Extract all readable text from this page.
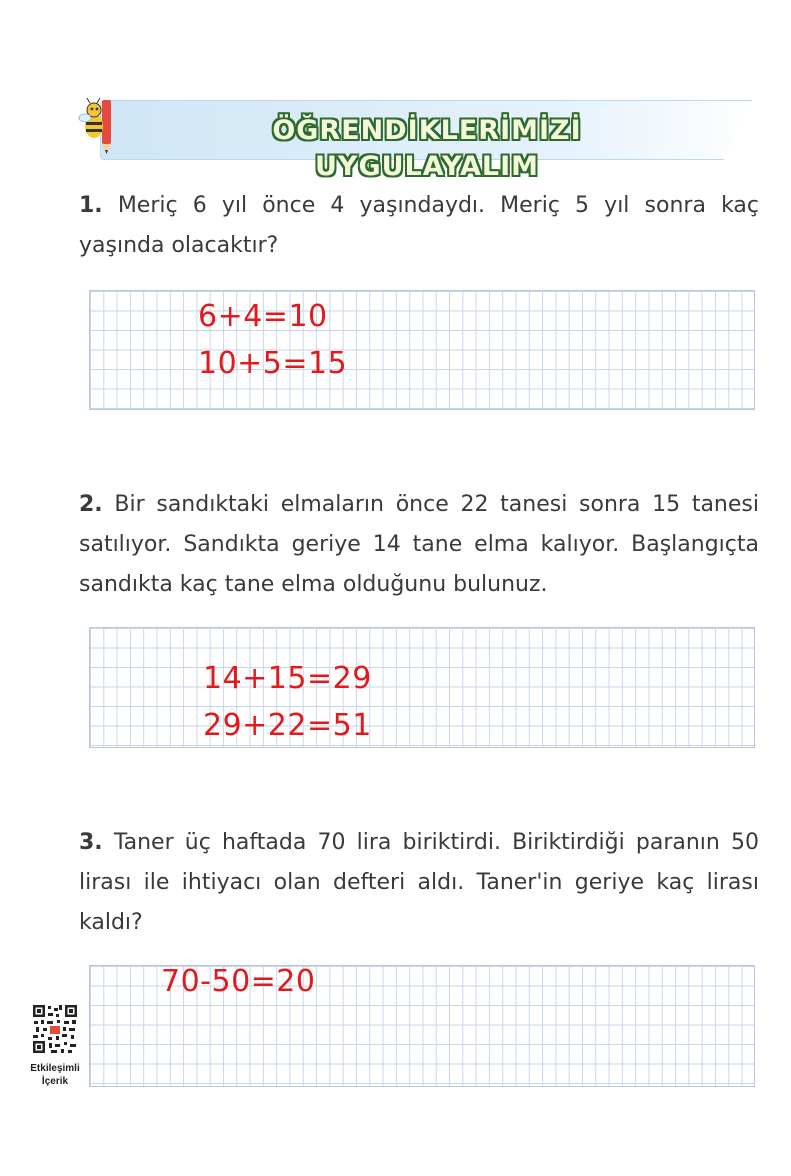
ÖĞRENDİKLERİMİZİ UYGULAYALIM
1. Meriç 6 yıl önce 4 yaşındaydı. Meriç 5 yıl sonra kaç yaşında olacaktır?
6+4=10
10+5=15
2. Bir sandıktaki elmaların önce 22 tanesi sonra 15 tanesi satılıyor. Sandıkta geriye 14 tane elma kalıyor. Başlangıçta sandıkta kaç tane elma olduğunu bulunuz.
14+15=29
29+22=51
3. Taner üç haftada 70 lira biriktirdi. Biriktirdiği paranın 50 lirası ile ihtiyacı olan defteri aldı. Taner'in geriye kaç lirası kaldı?
70-50=20
Etkileşimli
İçerik
